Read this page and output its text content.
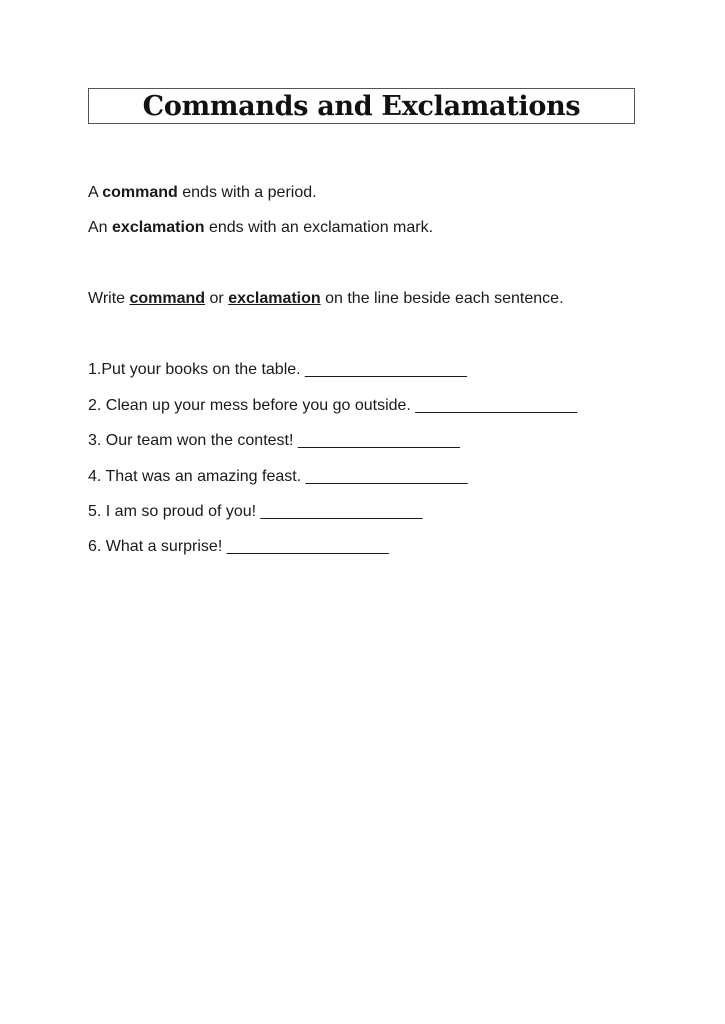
Commands and Exclamations
A command ends with a period.
An exclamation ends with an exclamation mark.
Write command or exclamation on the line beside each sentence.
1.Put your books on the table. ___________________
2. Clean up your mess before you go outside. ___________________
3. Our team won the contest! ___________________
4. That was an amazing feast. ___________________
5. I am so proud of you! ___________________
6. What a surprise! ___________________
